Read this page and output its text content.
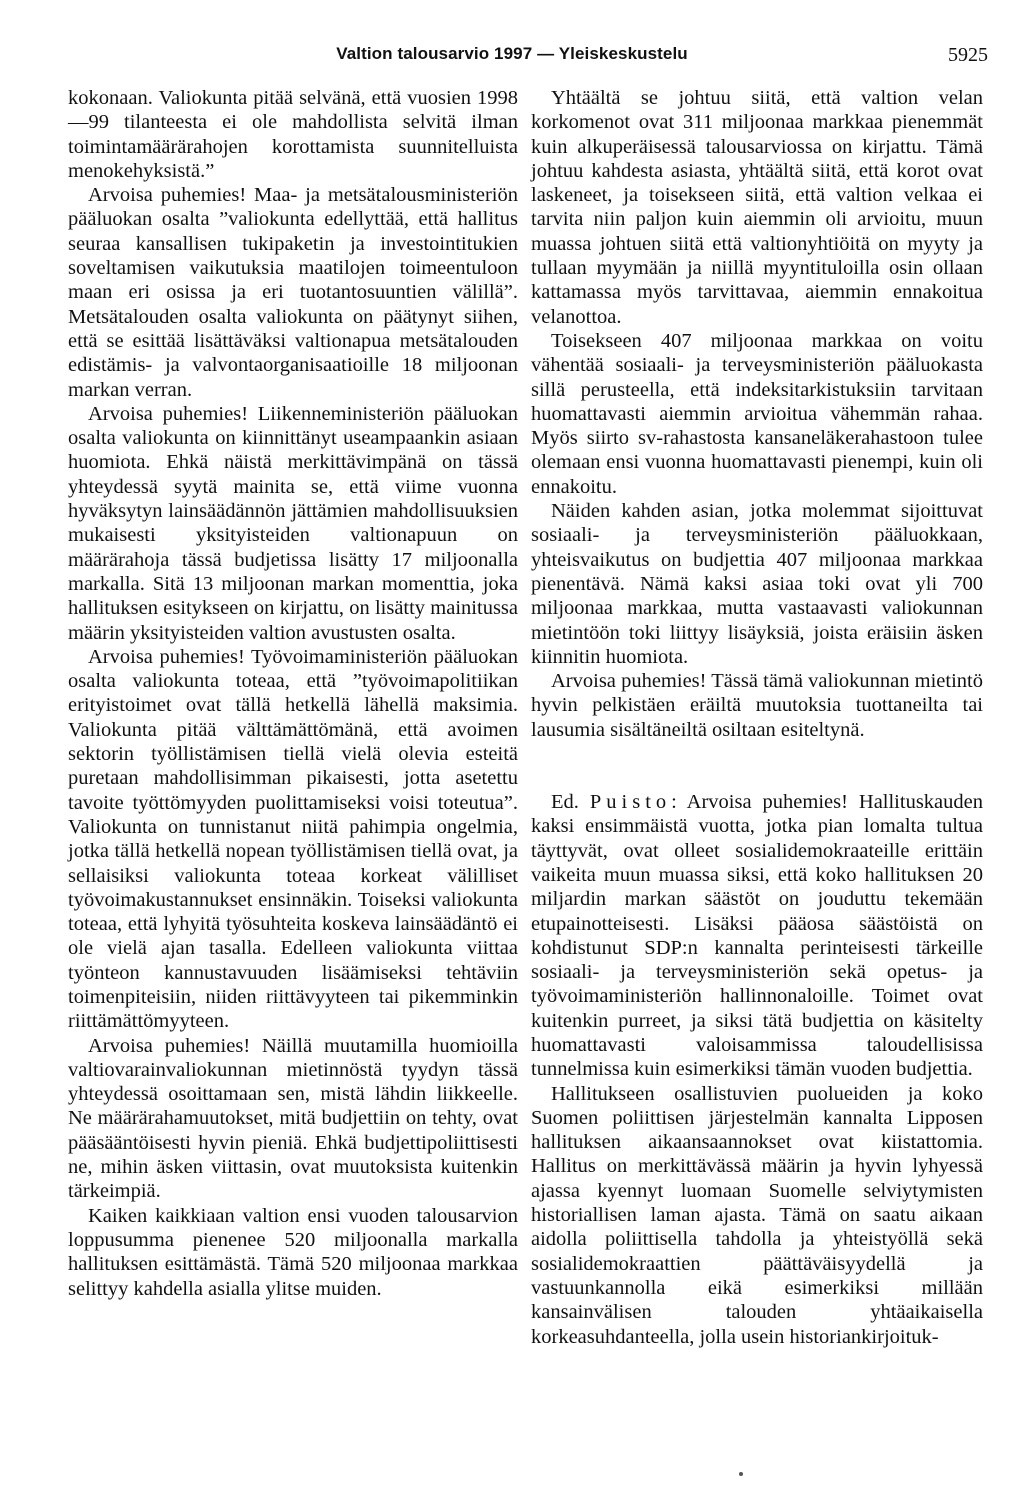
Valtion talousarvio 1997 — Yleiskeskustelu	5925

kokonaan. Valiokunta pitää selvänä, että vuosien 1998—99 tilanteesta ei ole mahdollista selvitä ilman toimintamäärärahojen korottamista suunnitelluista menokehyksistä.”

Arvoisa puhemies! Maa- ja metsätalousministeriön pääluokan osalta ”valiokunta edellyttää, että hallitus seuraa kansallisen tukipaketin ja investointitukien soveltamisen vaikutuksia maatilojen toimeentuloon maan eri osissa ja eri tuotantosuuntien välillä”. Metsätalouden osalta valiokunta on päätynyt siihen, että se esittää lisättäväksi valtionapua metsätalouden edistämis- ja valvontaorganisaatioille 18 miljoonan markan verran.

Arvoisa puhemies! Liikenneministeriön pääluokan osalta valiokunta on kiinnittänyt useampaankin asiaan huomiota. Ehkä näistä merkittävimpänä on tässä yhteydessä syytä mainita se, että viime vuonna hyväksytyn lainsäädännön jättämien mahdollisuuksien mukaisesti yksityisteiden valtionapuun on määrärahoja tässä budjetissa lisätty 17 miljoonalla markalla. Sitä 13 miljoonan markan momenttia, joka hallituksen esitykseen on kirjattu, on lisätty mainitussa määrin yksityisteiden valtion avustusten osalta.

Arvoisa puhemies! Työvoimaministeriön pääluokan osalta valiokunta toteaa, että ”työvoimapolitiikan erityistoimet ovat tällä hetkellä lähellä maksimia. Valiokunta pitää välttämättömänä, että avoimen sektorin työllistämisen tiellä vielä olevia esteitä puretaan mahdollisimman pikaisesti, jotta asetettu tavoite työttömyyden puolittamiseksi voisi toteutua”. Valiokunta on tunnistanut niitä pahimpia ongelmia, jotka tällä hetkellä nopean työllistämisen tiellä ovat, ja sellaisiksi valiokunta toteaa korkeat välilliset työvoimakustannukset ensinnäkin. Toiseksi valiokunta toteaa, että lyhyitä työsuhteita koskeva lainsäädäntö ei ole vielä ajan tasalla. Edelleen valiokunta viittaa työnteon kannustavuuden lisäämiseksi tehtäviin toimenpiteisiin, niiden riittävyyteen tai pikemminkin riittämättömyyteen.

Arvoisa puhemies! Näillä muutamilla huomioilla valtiovarainvaliokunnan mietinnöstä tyydyn tässä yhteydessä osoittamaan sen, mistä lähdin liikkeelle. Ne määrärahamuutokset, mitä budjettiin on tehty, ovat pääsääntöisesti hyvin pieniä. Ehkä budjettipoliittisesti ne, mihin äsken viittasin, ovat muutoksista kuitenkin tärkeimpiä.

Kaiken kaikkiaan valtion ensi vuoden talousarvion loppusumma pienenee 520 miljoonalla markalla hallituksen esittämästä. Tämä 520 miljoonaa markkaa selittyy kahdella asialla ylitse muiden.

Yhtäältä se johtuu siitä, että valtion velan korkomenot ovat 311 miljoonaa markkaa pienemmät kuin alkuperäisessä talousarviossa on kirjattu. Tämä johtuu kahdesta asiasta, yhtäältä siitä, että korot ovat laskeneet, ja toisekseen siitä, että valtion velkaa ei tarvita niin paljon kuin aiemmin oli arvioitu, muun muassa johtuen siitä että valtionyhtiöitä on myyty ja tullaan myymään ja niillä myyntituloilla osin ollaan kattamassa myös tarvittavaa, aiemmin ennakoitua velanottoa.

Toisekseen 407 miljoonaa markkaa on voitu vähentää sosiaali- ja terveysministeriön pääluokasta sillä perusteella, että indeksitarkistuksiin tarvitaan huomattavasti aiemmin arvioitua vähemmän rahaa. Myös siirto sv-rahastosta kansaneläkerahastoon tulee olemaan ensi vuonna huomattavasti pienempi, kuin oli ennakoitu.

Näiden kahden asian, jotka molemmat sijoittuvat sosiaali- ja terveysministeriön pääluokkaan, yhteisvaikutus on budjettia 407 miljoonaa markkaa pienentävä. Nämä kaksi asiaa toki ovat yli 700 miljoonaa markkaa, mutta vastaavasti valiokunnan mietintöön toki liittyy lisäyksiä, joista eräisiin äsken kiinnitin huomiota.

Arvoisa puhemies! Tässä tämä valiokunnan mietintö hyvin pelkistäen eräiltä muutoksia tuottaneilta tai lausumia sisältäneiltä osiltaan esiteltynä.

Ed. Puisto: Arvoisa puhemies! Hallituskauden kaksi ensimmäistä vuotta, jotka pian lomalta tultua täyttyvät, ovat olleet sosialidemokraateille erittäin vaikeita muun muassa siksi, että koko hallituksen 20 miljardin markan säästöt on jouduttu tekemään etupainotteisesti. Lisäksi pääosa säästöistä on kohdistunut SDP:n kannalta perinteisesti tärkeille sosiaali- ja terveysministeriön sekä opetus- ja työvoimaministeriön hallinnonaloille. Toimet ovat kuitenkin purreet, ja siksi tätä budjettia on käsitelty huomattavasti valoisammissa taloudellisissa tunnelmissa kuin esimerkiksi tämän vuoden budjettia.

Hallitukseen osallistuvien puolueiden ja koko Suomen poliittisen järjestelmän kannalta Lipposen hallituksen aikaansaannokset ovat kiistattomia. Hallitus on merkittävässä määrin ja hyvin lyhyessä ajassa kyennyt luomaan Suomelle selviytymisten historiallisen laman ajasta. Tämä on saatu aikaan aidolla poliittisella tahdolla ja yhteistyöllä sekä sosialidemokraattien päättäväisyydellä ja vastuunkannolla eikä esimerkiksi millään kansainvälisen talouden yhtäaikaisella korkeasuhdanteella, jolla usein historiankirjoituk-
